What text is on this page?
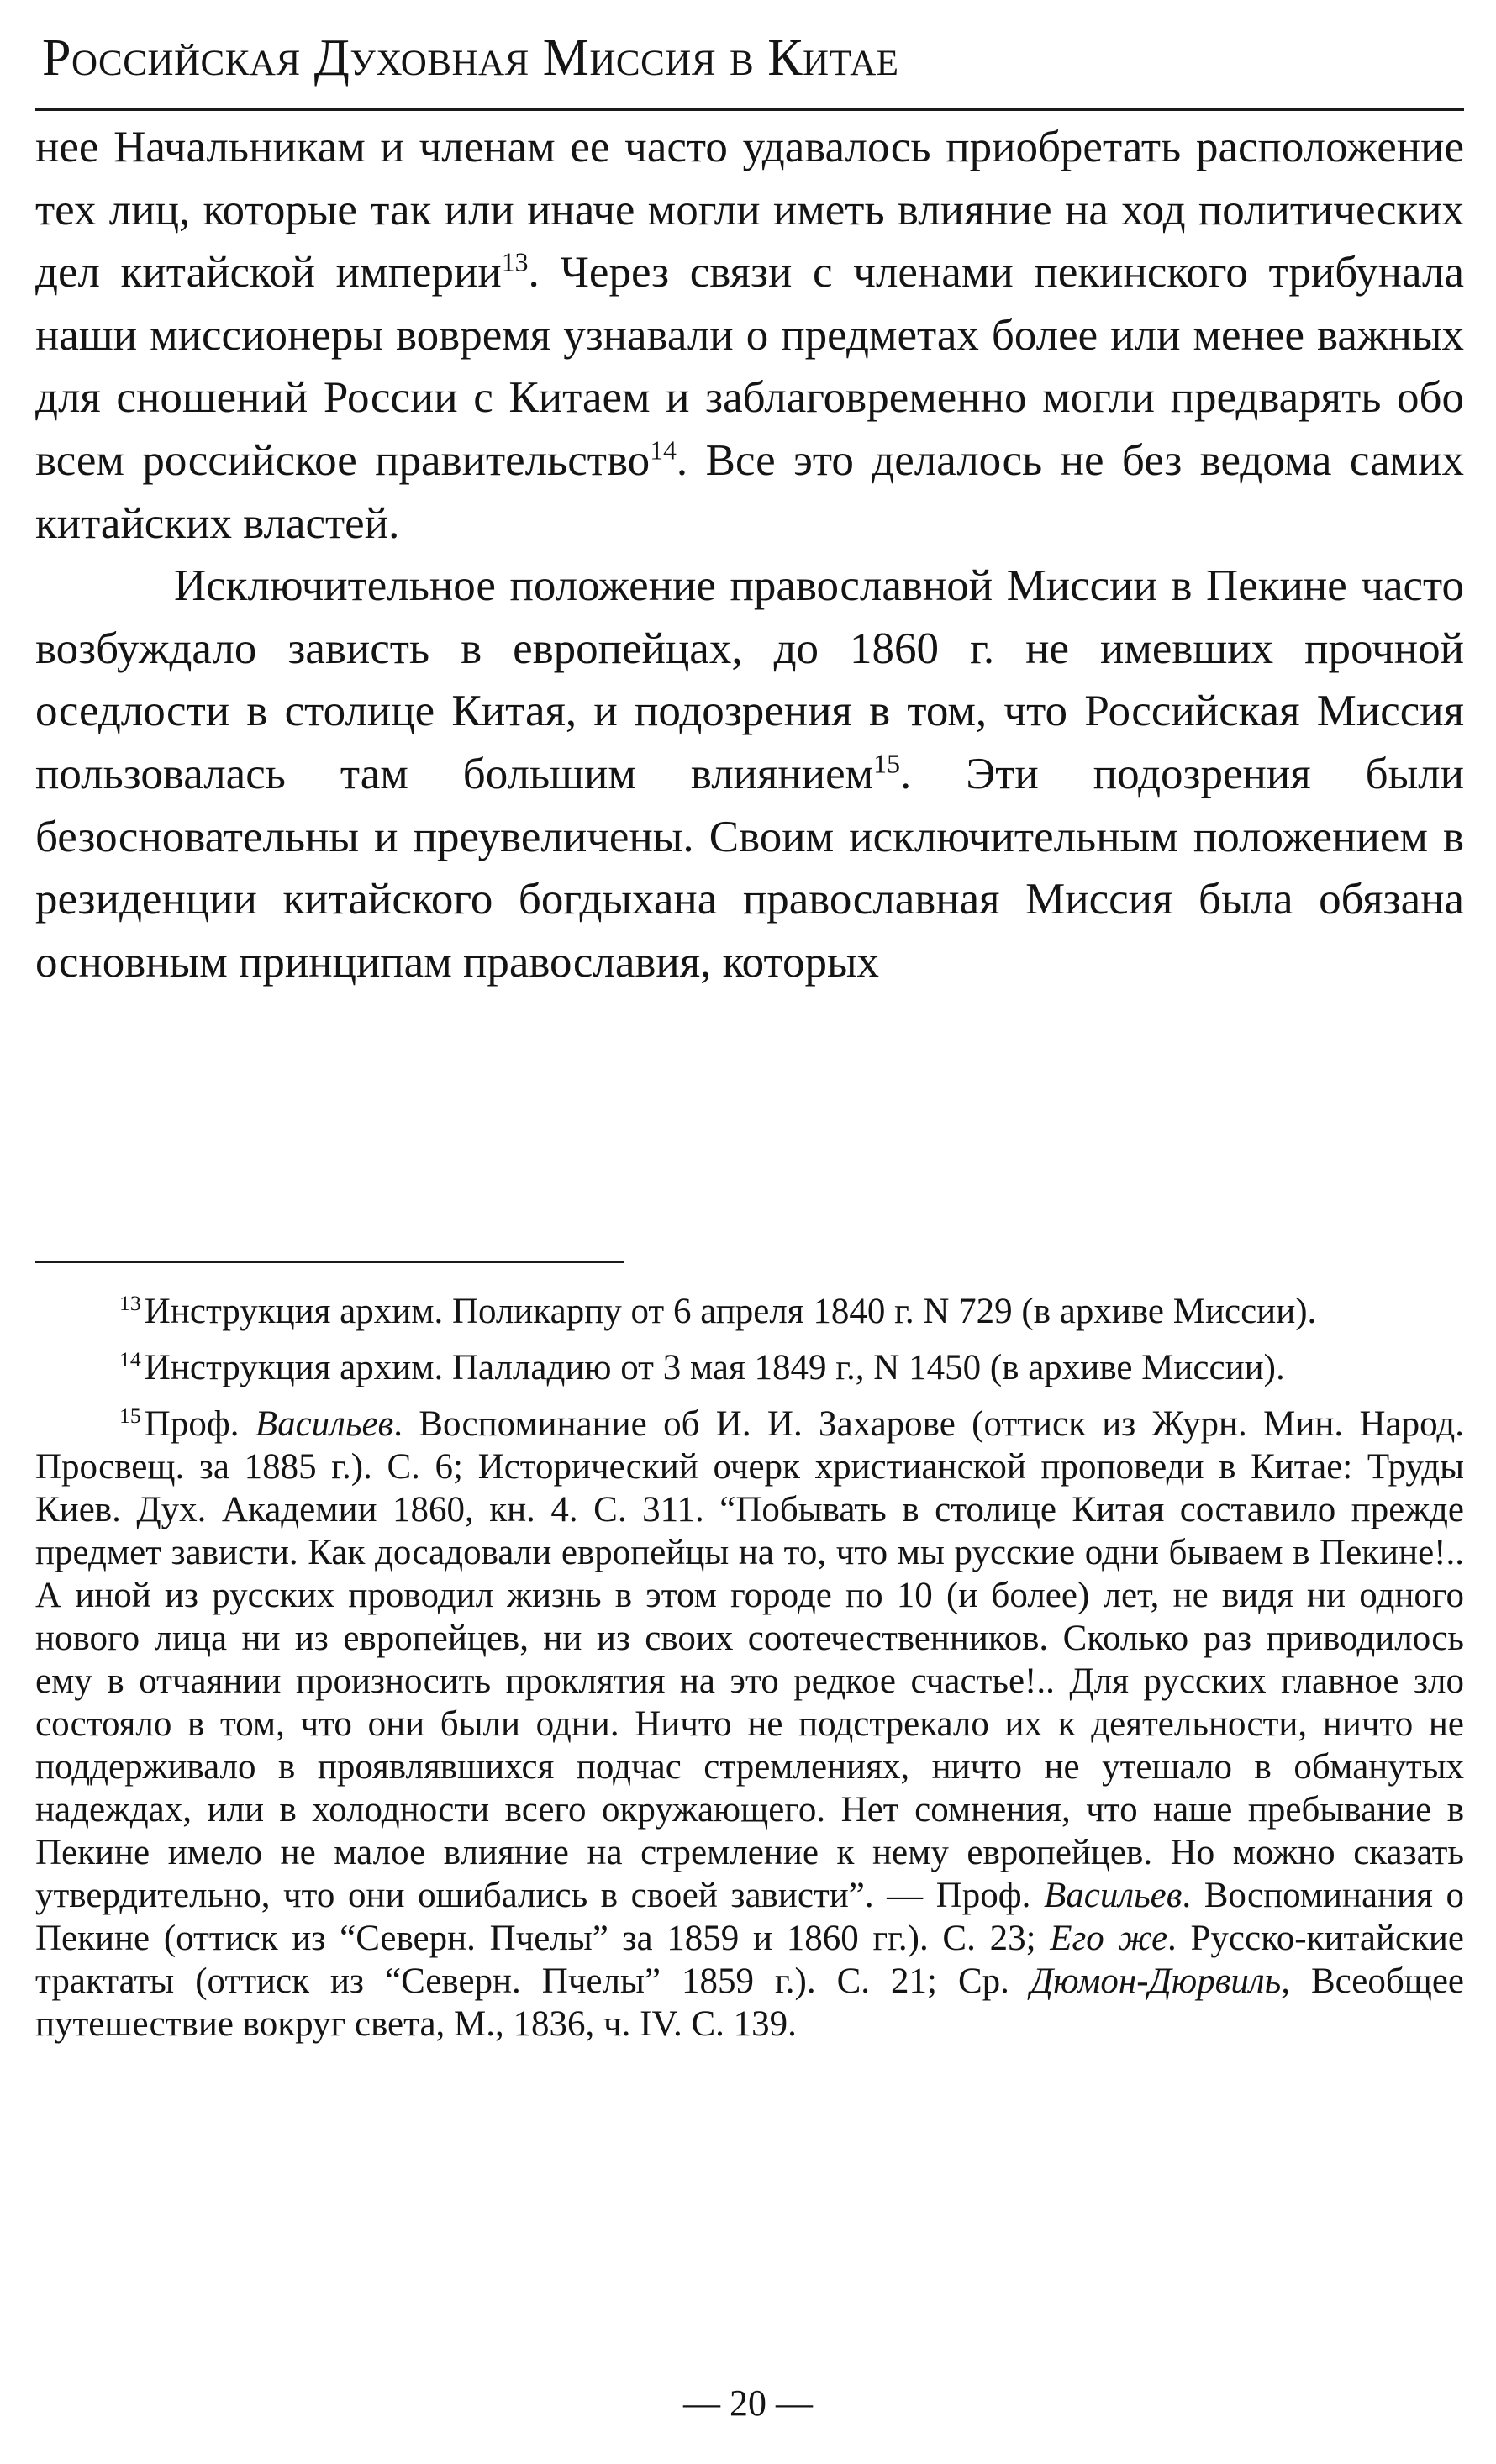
Российская Духовная Миссия в Китае

нее Начальникам и членам ее часто удавалось приобретать расположение тех лиц, которые так или иначе могли иметь влияние на ход политических дел китайской империи$^{13}$. Через связи с членами пекинского трибунала наши миссионеры вовремя узнавали о предметах более или менее важных для сношений России с Китаем и заблаговременно могли предварять обо всем российское правительство$^{14}$. Все это делалось не без ведома самих китайских властей.

Исключительное положение православной Миссии в Пекине часто возбуждало зависть в европейцах, до 1860 г. не имевших прочной оседлости в столице Китая, и подозрения в том, что Российская Миссия пользовалась там большим влиянием$^{15}$. Эти подозрения были безосновательны и преувеличены. Своим исключительным положением в резиденции китайского богдыхана православная Миссия была обязана основным принципам православия, которых

$^{13}$Инструкция архим. Поликарпу от 6 апреля 1840 г. N 729 (в архиве Миссии).

$^{14}$Инструкция архим. Палладию от 3 мая 1849 г., N 1450 (в архиве Миссии).

$^{15}$Проф. Васильев. Воспоминание об И. И. Захарове (оттиск из Журн. Мин. Народ. Просвещ. за 1885 г.). С. 6; Исторический очерк христианской проповеди в Китае: Труды Киев. Дух. Академии 1860, кн. 4. С. 311. “Побывать в столице Китая составило прежде предмет зависти. Как досадовали европейцы на то, что мы русские одни бываем в Пекине!.. А иной из русских проводил жизнь в этом городе по 10 (и более) лет, не видя ни одного нового лица ни из европейцев, ни из своих соотечественников. Сколько раз приводилось ему в отчаянии произносить проклятия на это редкое счастье!.. Для русских главное зло состояло в том, что они были одни. Ничто не подстрекало их к деятельности, ничто не поддерживало в проявлявшихся подчас стремлениях, ничто не утешало в обманутых надеждах, или в холодности всего окружающего. Нет сомнения, что наше пребывание в Пекине имело не малое влияние на стремление к нему европейцев. Но можно сказать утвердительно, что они ошибались в своей зависти”. — Проф. Васильев. Воспоминания о Пекине (оттиск из “Северн. Пчелы” за 1859 и 1860 гг.). С. 23; Его же. Русско-китайские трактаты (оттиск из “Северн. Пчелы” 1859 г.). С. 21; Ср. Дюмон-Дюрвиль, Всеобщее путешествие вокруг света, М., 1836, ч. IV. С. 139.

— 20 —
